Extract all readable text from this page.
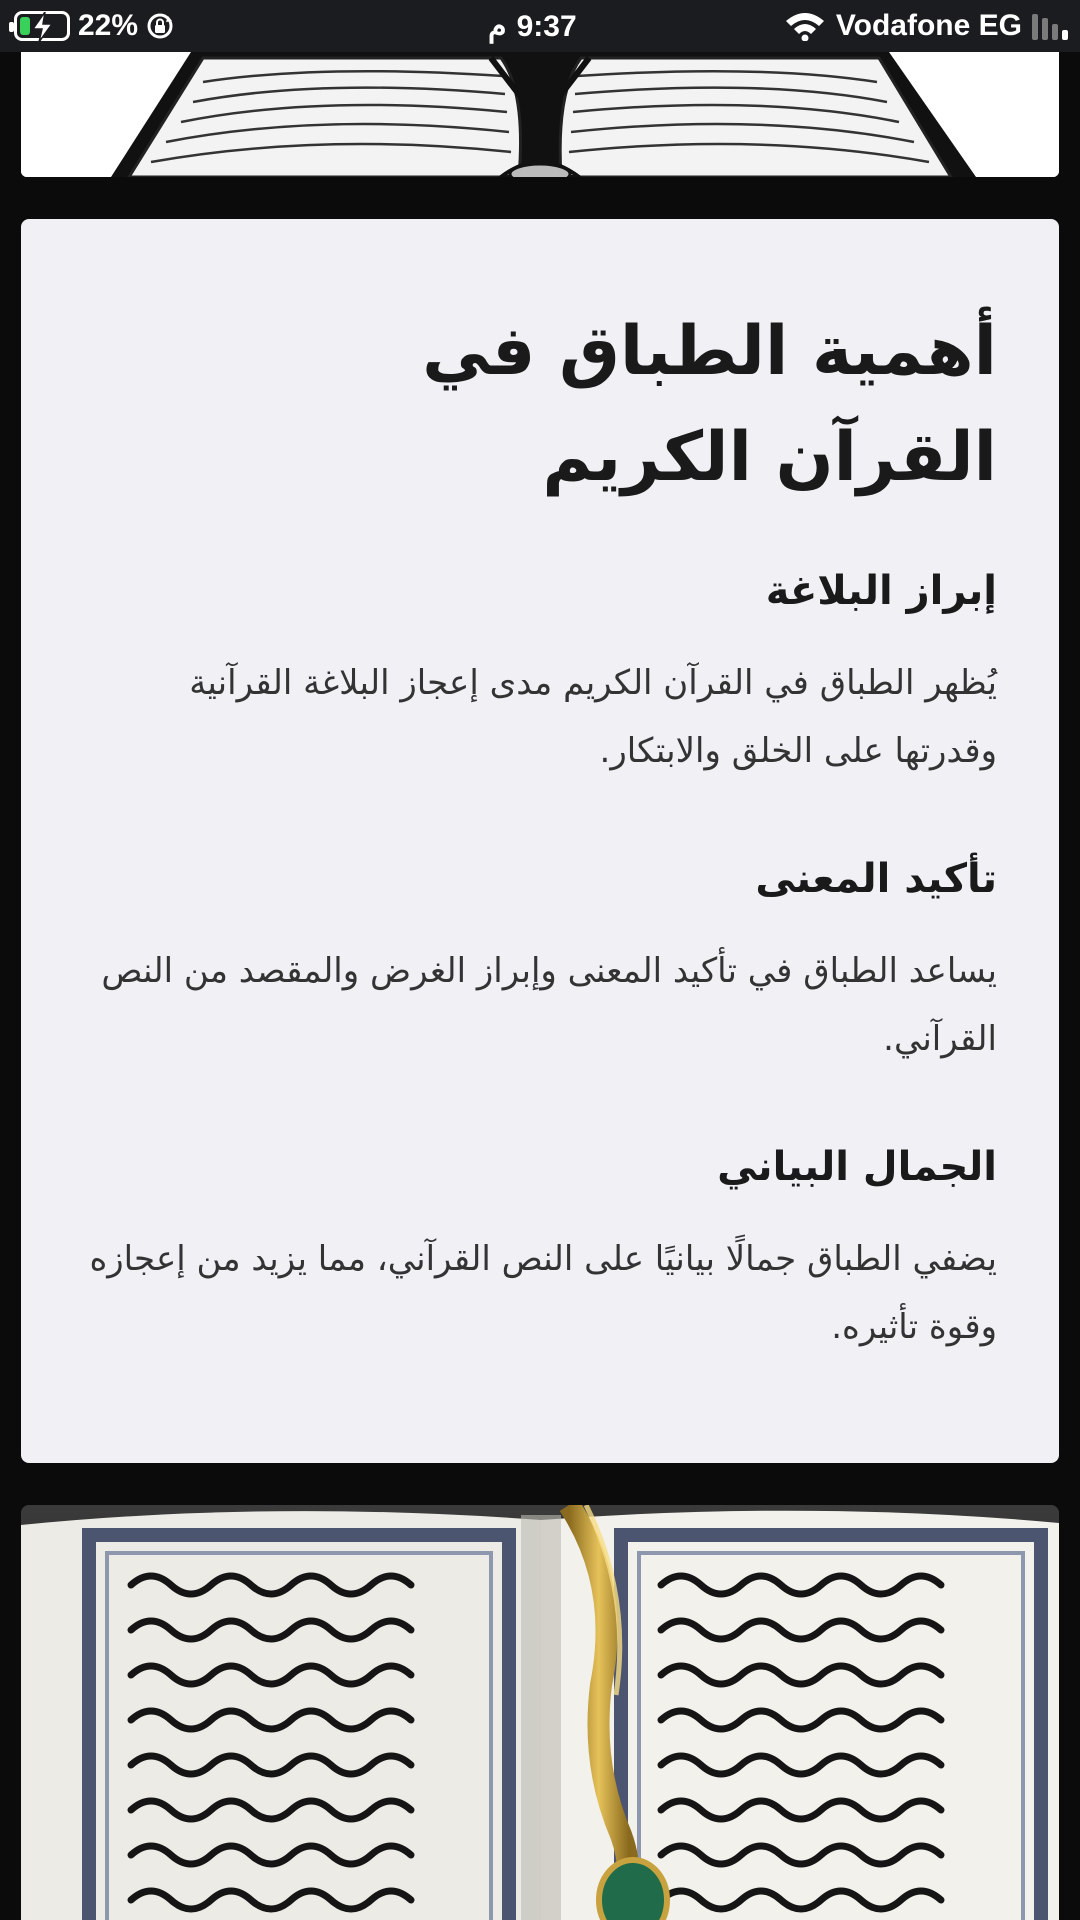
22%	م 9:37	Vodafone EG
أهمية الطباق في القرآن الكريم
إبراز البلاغة

يُظهر الطباق في القرآن الكريم مدى إعجاز البلاغة القرآنية وقدرتها على الخلق والابتكار.

تأكيد المعنى

يساعد الطباق في تأكيد المعنى وإبراز الغرض والمقصد من النص القرآني.

الجمال البياني

يضفي الطباق جمالًا بيانيًا على النص القرآني، مما يزيد من إعجازه وقوة تأثيره.
